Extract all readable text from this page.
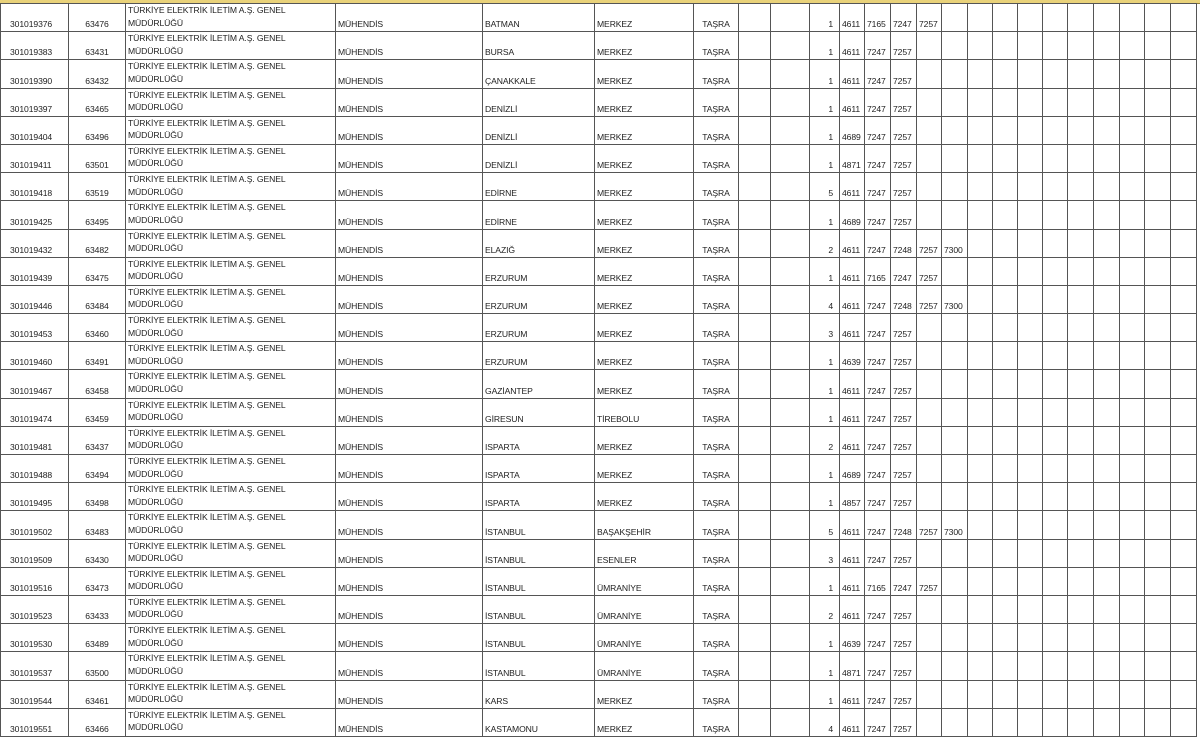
301019376	63476	TÜRKİYE ELEKTRİK İLETİM A.Ş. GENEL
MÜDÜRLÜĞÜ	MÜHENDİS	BATMAN	MERKEZ	TAŞRA			1	4611	7165	7247	7257										
301019383	63431	TÜRKİYE ELEKTRİK İLETİM A.Ş. GENEL
MÜDÜRLÜĞÜ	MÜHENDİS	BURSA	MERKEZ	TAŞRA			1	4611	7247	7257											
301019390	63432	TÜRKİYE ELEKTRİK İLETİM A.Ş. GENEL
MÜDÜRLÜĞÜ	MÜHENDİS	ÇANAKKALE	MERKEZ	TAŞRA			1	4611	7247	7257											
301019397	63465	TÜRKİYE ELEKTRİK İLETİM A.Ş. GENEL
MÜDÜRLÜĞÜ	MÜHENDİS	DENİZLİ	MERKEZ	TAŞRA			1	4611	7247	7257											
301019404	63496	TÜRKİYE ELEKTRİK İLETİM A.Ş. GENEL
MÜDÜRLÜĞÜ	MÜHENDİS	DENİZLİ	MERKEZ	TAŞRA			1	4689	7247	7257											
301019411	63501	TÜRKİYE ELEKTRİK İLETİM A.Ş. GENEL
MÜDÜRLÜĞÜ	MÜHENDİS	DENİZLİ	MERKEZ	TAŞRA			1	4871	7247	7257											
301019418	63519	TÜRKİYE ELEKTRİK İLETİM A.Ş. GENEL
MÜDÜRLÜĞÜ	MÜHENDİS	EDİRNE	MERKEZ	TAŞRA			5	4611	7247	7257											
301019425	63495	TÜRKİYE ELEKTRİK İLETİM A.Ş. GENEL
MÜDÜRLÜĞÜ	MÜHENDİS	EDİRNE	MERKEZ	TAŞRA			1	4689	7247	7257											
301019432	63482	TÜRKİYE ELEKTRİK İLETİM A.Ş. GENEL
MÜDÜRLÜĞÜ	MÜHENDİS	ELAZIĞ	MERKEZ	TAŞRA			2	4611	7247	7248	7257	7300									
301019439	63475	TÜRKİYE ELEKTRİK İLETİM A.Ş. GENEL
MÜDÜRLÜĞÜ	MÜHENDİS	ERZURUM	MERKEZ	TAŞRA			1	4611	7165	7247	7257										
301019446	63484	TÜRKİYE ELEKTRİK İLETİM A.Ş. GENEL
MÜDÜRLÜĞÜ	MÜHENDİS	ERZURUM	MERKEZ	TAŞRA			4	4611	7247	7248	7257	7300									
301019453	63460	TÜRKİYE ELEKTRİK İLETİM A.Ş. GENEL
MÜDÜRLÜĞÜ	MÜHENDİS	ERZURUM	MERKEZ	TAŞRA			3	4611	7247	7257											
301019460	63491	TÜRKİYE ELEKTRİK İLETİM A.Ş. GENEL
MÜDÜRLÜĞÜ	MÜHENDİS	ERZURUM	MERKEZ	TAŞRA			1	4639	7247	7257											
301019467	63458	TÜRKİYE ELEKTRİK İLETİM A.Ş. GENEL
MÜDÜRLÜĞÜ	MÜHENDİS	GAZİANTEP	MERKEZ	TAŞRA			1	4611	7247	7257											
301019474	63459	TÜRKİYE ELEKTRİK İLETİM A.Ş. GENEL
MÜDÜRLÜĞÜ	MÜHENDİS	GİRESUN	TİREBOLU	TAŞRA			1	4611	7247	7257											
301019481	63437	TÜRKİYE ELEKTRİK İLETİM A.Ş. GENEL
MÜDÜRLÜĞÜ	MÜHENDİS	ISPARTA	MERKEZ	TAŞRA			2	4611	7247	7257											
301019488	63494	TÜRKİYE ELEKTRİK İLETİM A.Ş. GENEL
MÜDÜRLÜĞÜ	MÜHENDİS	ISPARTA	MERKEZ	TAŞRA			1	4689	7247	7257											
301019495	63498	TÜRKİYE ELEKTRİK İLETİM A.Ş. GENEL
MÜDÜRLÜĞÜ	MÜHENDİS	ISPARTA	MERKEZ	TAŞRA			1	4857	7247	7257											
301019502	63483	TÜRKİYE ELEKTRİK İLETİM A.Ş. GENEL
MÜDÜRLÜĞÜ	MÜHENDİS	İSTANBUL	BAŞAKŞEHİR	TAŞRA			5	4611	7247	7248	7257	7300									
301019509	63430	TÜRKİYE ELEKTRİK İLETİM A.Ş. GENEL
MÜDÜRLÜĞÜ	MÜHENDİS	İSTANBUL	ESENLER	TAŞRA			3	4611	7247	7257											
301019516	63473	TÜRKİYE ELEKTRİK İLETİM A.Ş. GENEL
MÜDÜRLÜĞÜ	MÜHENDİS	İSTANBUL	ÜMRANİYE	TAŞRA			1	4611	7165	7247	7257										
301019523	63433	TÜRKİYE ELEKTRİK İLETİM A.Ş. GENEL
MÜDÜRLÜĞÜ	MÜHENDİS	İSTANBUL	ÜMRANİYE	TAŞRA			2	4611	7247	7257											
301019530	63489	TÜRKİYE ELEKTRİK İLETİM A.Ş. GENEL
MÜDÜRLÜĞÜ	MÜHENDİS	İSTANBUL	ÜMRANİYE	TAŞRA			1	4639	7247	7257											
301019537	63500	TÜRKİYE ELEKTRİK İLETİM A.Ş. GENEL
MÜDÜRLÜĞÜ	MÜHENDİS	İSTANBUL	ÜMRANİYE	TAŞRA			1	4871	7247	7257											
301019544	63461	TÜRKİYE ELEKTRİK İLETİM A.Ş. GENEL
MÜDÜRLÜĞÜ	MÜHENDİS	KARS	MERKEZ	TAŞRA			1	4611	7247	7257											
301019551	63466	TÜRKİYE ELEKTRİK İLETİM A.Ş. GENEL
MÜDÜRLÜĞÜ	MÜHENDİS	KASTAMONU	MERKEZ	TAŞRA			4	4611	7247	7257											
